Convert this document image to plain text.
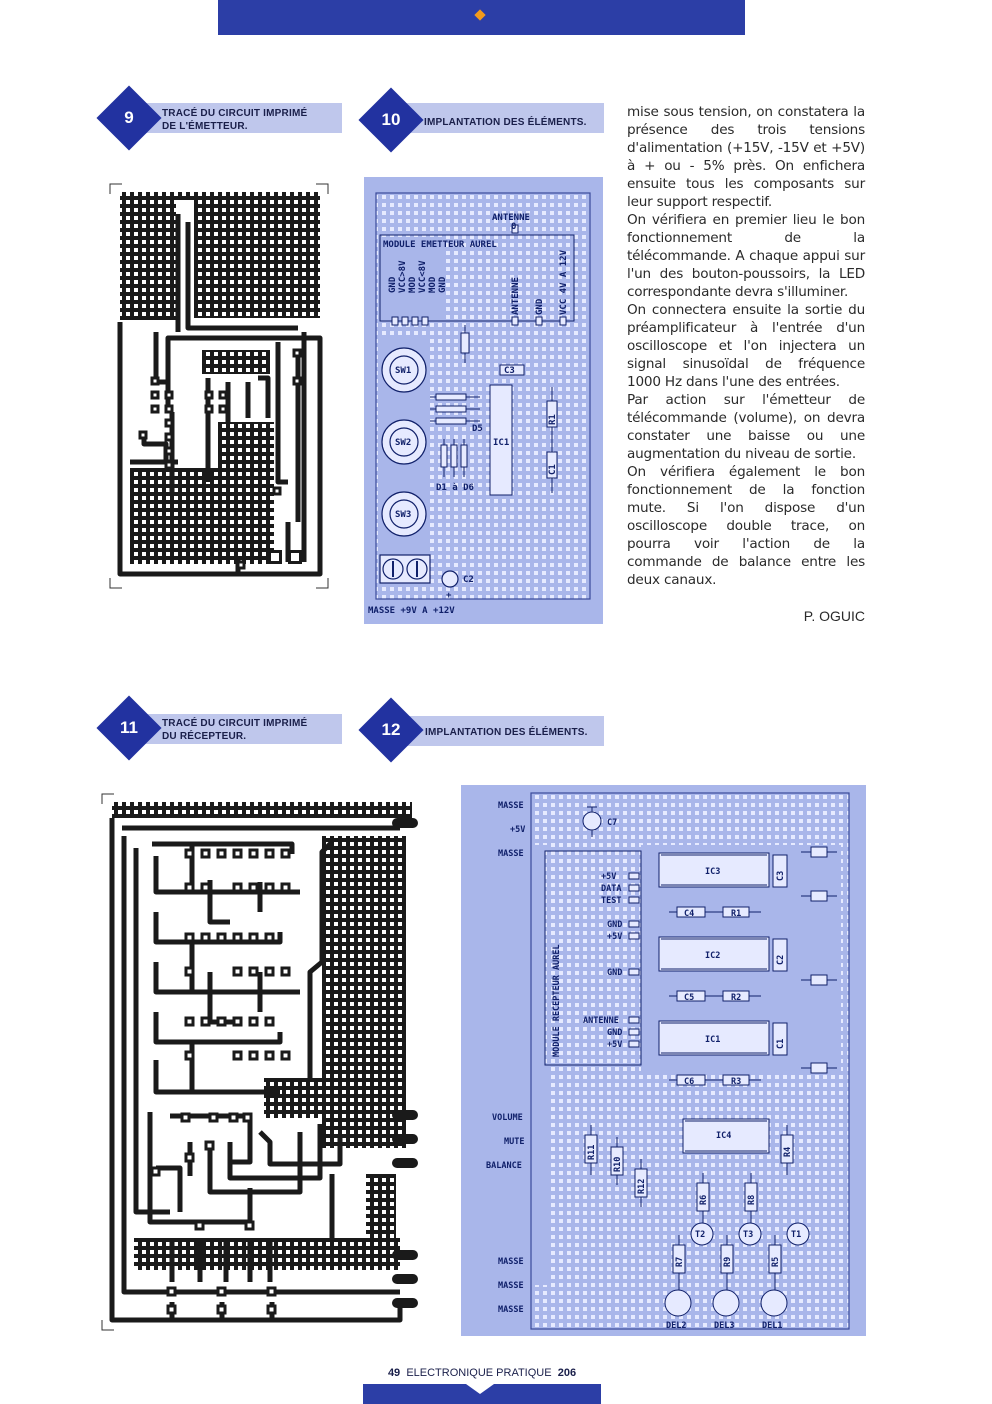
9	TRACÉ DU CIRCUIT IMPRIMÉ
DE L'ÉMETTEUR.	10	IMPLANTATION DES ÉLÉMENTS.
ANTENNE
0
MODULE EMETTEUR AUREL
GND VCC>8V MOD VCC<8V MOD GND	ANTENNE GND VCC 4V A 12V
SW1
SW2
SW3
C3
D5
IC1
R1
C1
D1 à D6
C2
+
MASSE +9V A +12V

mise sous tension, on constatera la présence des trois tensions d'alimentation (+15V, -15V et +5V) à + ou - 5% près. On enfichera ensuite tous les composants sur leur support respectif.

On vérifiera en premier lieu le bon fonctionnement de la télécommande. A chaque appui sur l'un des bouton-poussoirs, la LED correspondante devra s'illuminer.

On connectera ensuite la sortie du préamplificateur à l'entrée d'un oscilloscope et l'on injectera un signal sinusoïdal de fréquence 1000 Hz dans l'une des entrées.

Par action sur l'émetteur de télécommande (volume), on devra constater une baisse ou une augmentation du niveau de sortie.

On vérifiera également le bon fonctionnement de la fonction mute. Si l'on dispose d'un oscilloscope double trace, on pourra voir l'action de la commande de balance entre les deux canaux.

P. OGUIC
11	TRACÉ DU CIRCUIT IMPRIMÉ
DU RÉCEPTEUR.	12	IMPLANTATION DES ÉLÉMENTS.
MASSE
+5V
MASSE
VOLUME
MUTE
BALANCE
MASSE
MASSE
MASSE
MODULE RECEPTEUR AUREL
+5V
DATA
TEST
GND
+5V
GND
ANTENNE
GND
+5V
IC3
IC2
IC1
IC4
C7
C3
C2
C1
C4
C5
C6
R1
R2
R3
R4
R11
R10
R12
R6	R8
R7	R9	R5
T2	T3	T1
DEL2	DEL3	DEL1
49 ELECTRONIQUE PRATIQUE 206
